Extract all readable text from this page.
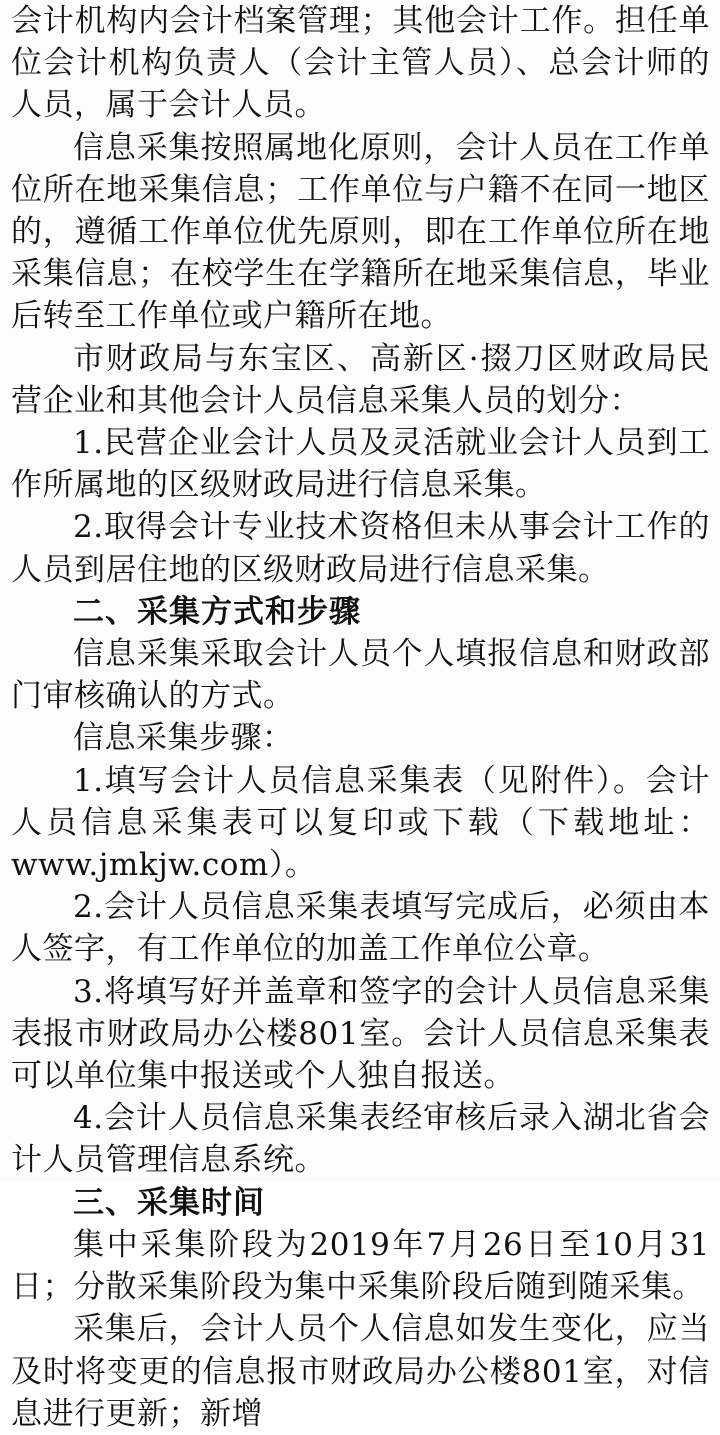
会计机构内会计档案管理；其他会计工作。担任单位会计机构负责人（会计主管人员）、总会计师的人员，属于会计人员。

信息采集按照属地化原则，会计人员在工作单位所在地采集信息；工作单位与户籍不在同一地区的，遵循工作单位优先原则，即在工作单位所在地采集信息；在校学生在学籍所在地采集信息，毕业后转至工作单位或户籍所在地。

市财政局与东宝区、高新区·掇刀区财政局民营企业和其他会计人员信息采集人员的划分：

1.民营企业会计人员及灵活就业会计人员到工作所属地的区级财政局进行信息采集。

2.取得会计专业技术资格但未从事会计工作的人员到居住地的区级财政局进行信息采集。

二、采集方式和步骤

信息采集采取会计人员个人填报信息和财政部门审核确认的方式。

信息采集步骤：

1.填写会计人员信息采集表（见附件）。会计人员信息采集表可以复印或下载（下载地址：www.jmkjw.com）。

2.会计人员信息采集表填写完成后，必须由本人签字，有工作单位的加盖工作单位公章。

3.将填写好并盖章和签字的会计人员信息采集表报市财政局办公楼801室。会计人员信息采集表可以单位集中报送或个人独自报送。

4.会计人员信息采集表经审核后录入湖北省会计人员管理信息系统。

三、采集时间

集中采集阶段为2019年7月26日至10月31日；分散采集阶段为集中采集阶段后随到随采集。

采集后，会计人员个人信息如发生变化，应当及时将变更的信息报市财政局办公楼801室，对信息进行更新；新增
